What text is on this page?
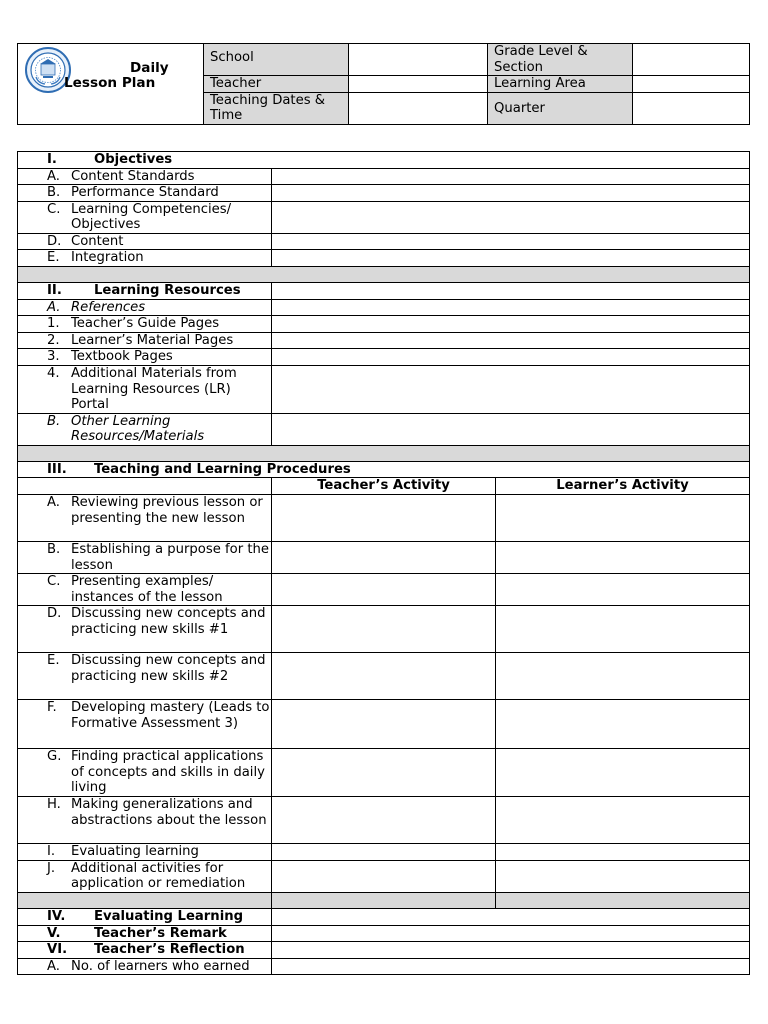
Daily
Lesson Plan	School		Grade Level & Section	
	Teacher		Learning Area	
	Teaching Dates & Time		Quarter	
I. Objectives		

A. Content Standards		

B. Performance Standard		

C. Learning Competencies/ Objectives		

D. Content		

E. Integration		

II. Learning Resources		

A. References		

1. Teacher’s Guide Pages		

2. Learner’s Material Pages		

3. Textbook Pages		

4. Additional Materials from Learning Resources (LR) Portal		

B. Other Learning Resources/Materials		

III. Teaching and Learning Procedures		

	Teacher’s Activity	Learner’s Activity

A. Reviewing previous lesson or presenting the new lesson		

B. Establishing a purpose for the lesson		

C. Presenting examples/ instances of the lesson		

D. Discussing new concepts and practicing new skills #1		

E. Discussing new concepts and practicing new skills #2		

F. Developing mastery (Leads to Formative Assessment 3)		

G. Finding practical applications of concepts and skills in daily living		

H. Making generalizations and abstractions about the lesson		

I. Evaluating learning		

J. Additional activities for application or remediation		

IV. Evaluating Learning		

V. Teacher’s Remark		

VI. Teacher’s Reflection		

A. No. of learners who earned		
